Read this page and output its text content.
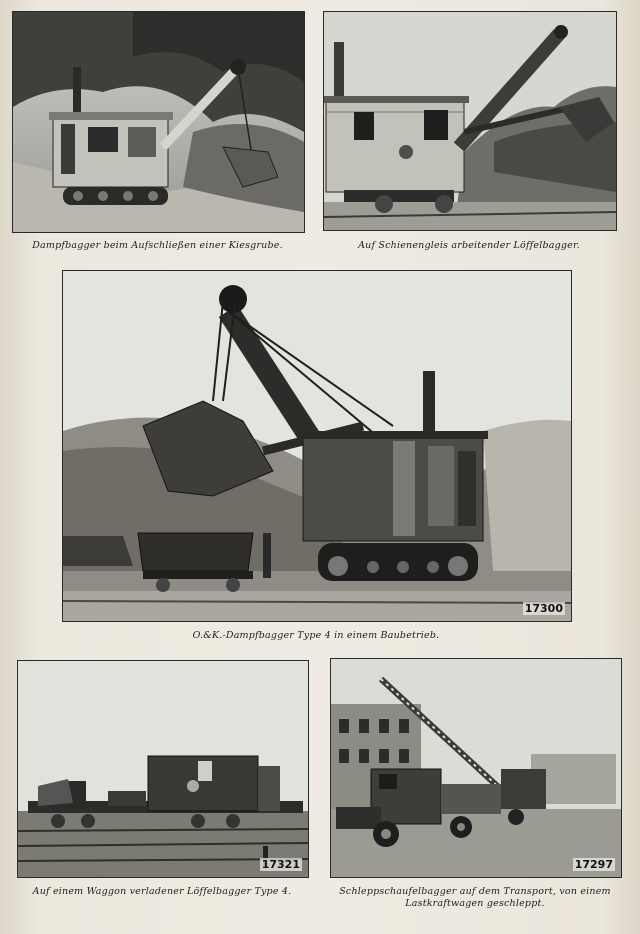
Dampfbagger beim Aufschließen einer Kiesgrube.	Auf Schienengleis arbeitender Löffelbagger.
17300
O.&K.-Dampfbagger Type 4 in einem Baubetrieb.
17321
Auf einem Waggon verladener Löffelbagger Type 4.
17297
Schleppschaufelbagger auf dem Transport, von einem
Lastkraftwagen geschleppt.
